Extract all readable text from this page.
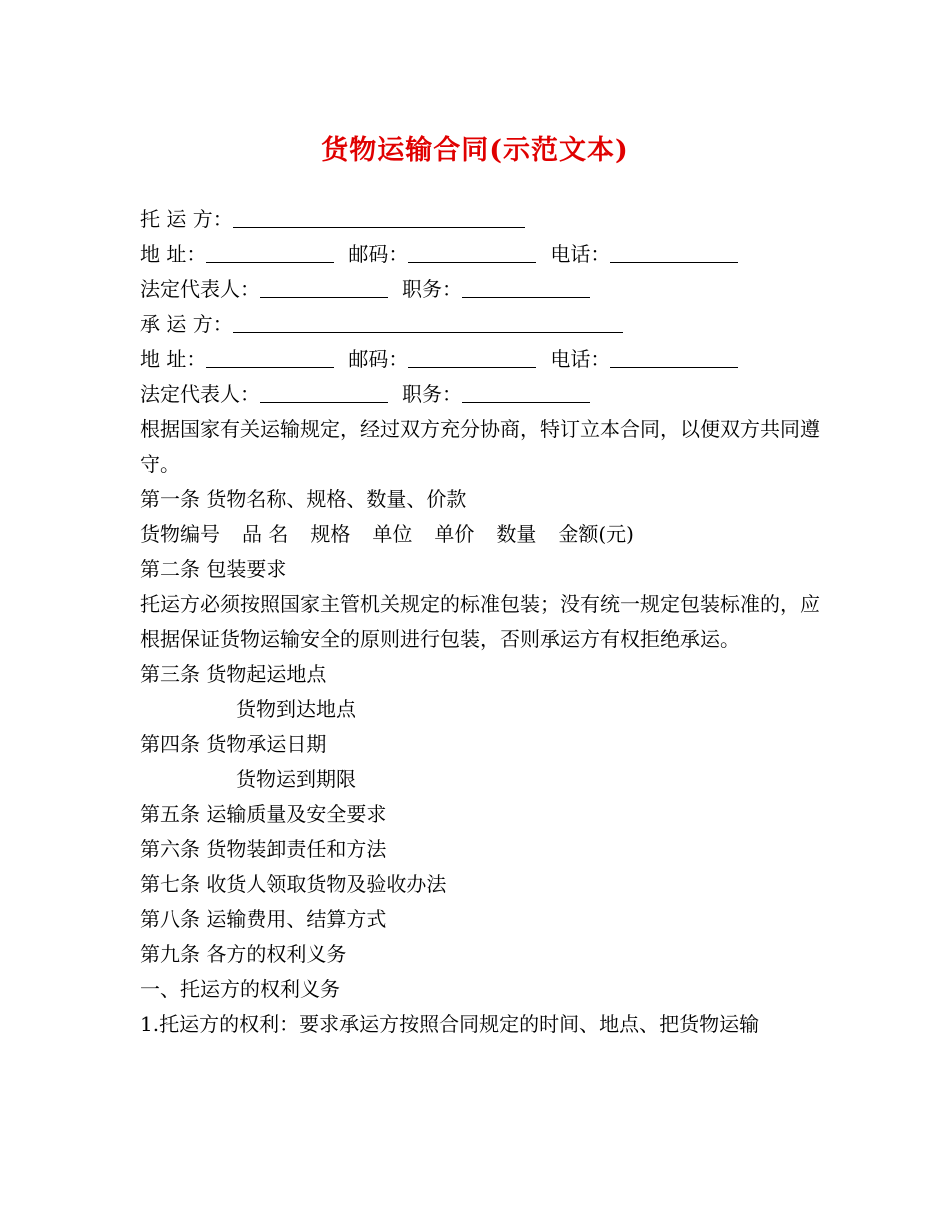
货物运输合同(示范文本)
托 运 方：
地 址：	邮码：	电话：
法定代表人：	职务：
承 运 方：
地 址：	邮码：	电话：
法定代表人：	职务：
根据国家有关运输规定，经过双方充分协商，特订立本合同，以便双方共同遵守。
第一条 货物名称、规格、数量、价款
货物编号 品 名 规格 单位 单价 数量 金额(元)
第二条 包装要求
托运方必须按照国家主管机关规定的标准包装；没有统一规定包装标准的，应根据保证货物运输安全的原则进行包装，否则承运方有权拒绝承运。
第三条 货物起运地点
货物到达地点
第四条 货物承运日期
货物运到期限
第五条 运输质量及安全要求
第六条 货物装卸责任和方法
第七条 收货人领取货物及验收办法
第八条 运输费用、结算方式
第九条 各方的权利义务
一、托运方的权利义务
1.托运方的权利：要求承运方按照合同规定的时间、地点、把货物运输
